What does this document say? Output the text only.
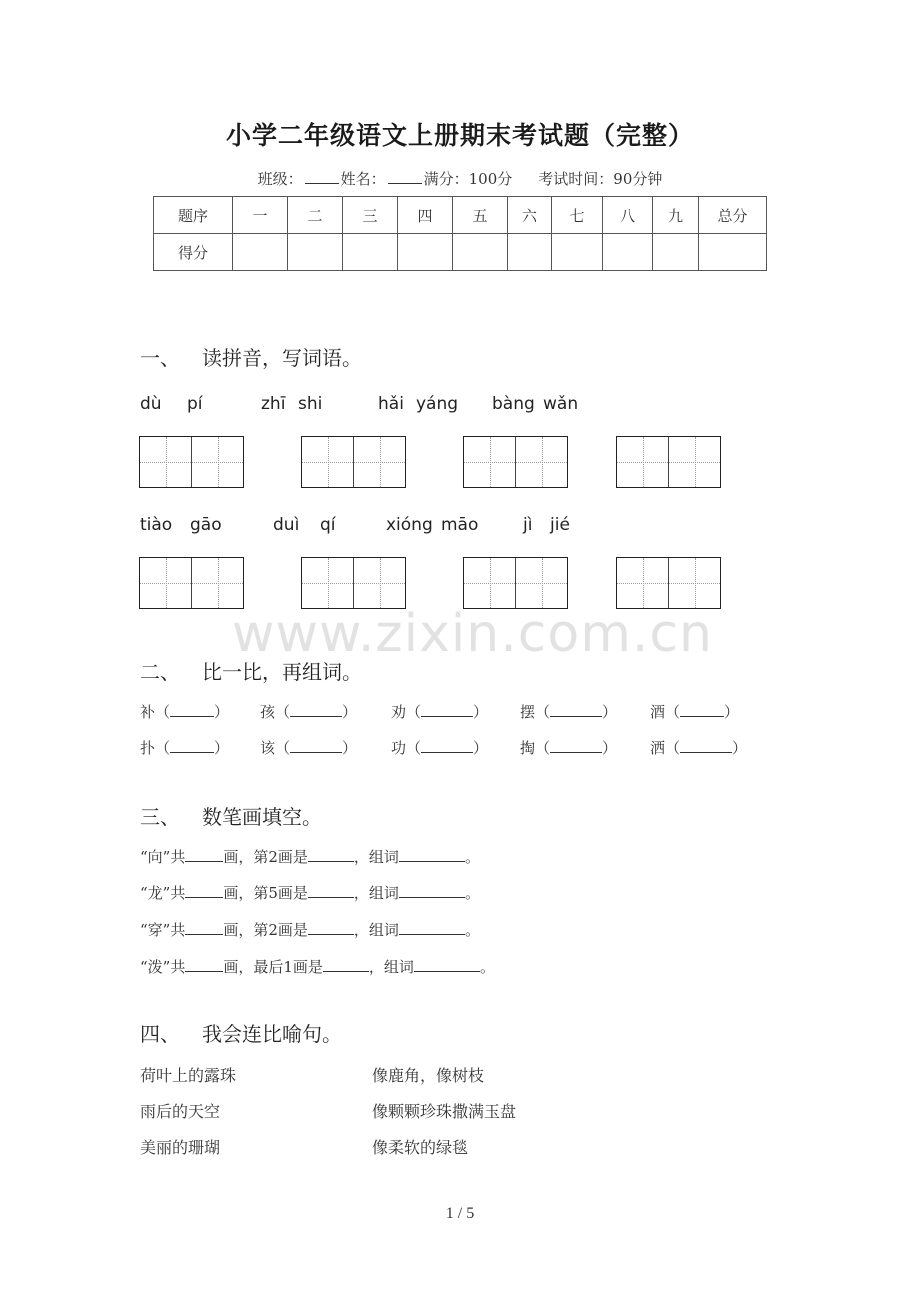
小学二年级语文上册期末考试题（完整）
班级：	姓名：	满分：100分 考试时间：90分钟
题序	一	二	三	四	五	六	七	八	九	总分
得分										
一、 读拼音，写词语。
dù pí	zhī shi	hǎi yáng bàng wǎn
tiào gāo	duì qí	xióng māo	jì jié
www.zixin.com.cn
二、 比一比，再组词。
补（	） 孩（	） 劝（	） 摆（	） 酒（	）
扑（	） 该（	） 功（	） 掏（	） 洒（	）
三、 数笔画填空。
“向”共	画，第2画是	，组词	。
“龙”共	画，第5画是	，组词	。
“穿”共	画，第2画是	，组词	。
“泼”共	画，最后1画是	，组词	。
四、 我会连比喻句。
荷叶上的露珠	像鹿角，像树枝
雨后的天空	像颗颗珍珠撒满玉盘
美丽的珊瑚	像柔软的绿毯
1 / 5
